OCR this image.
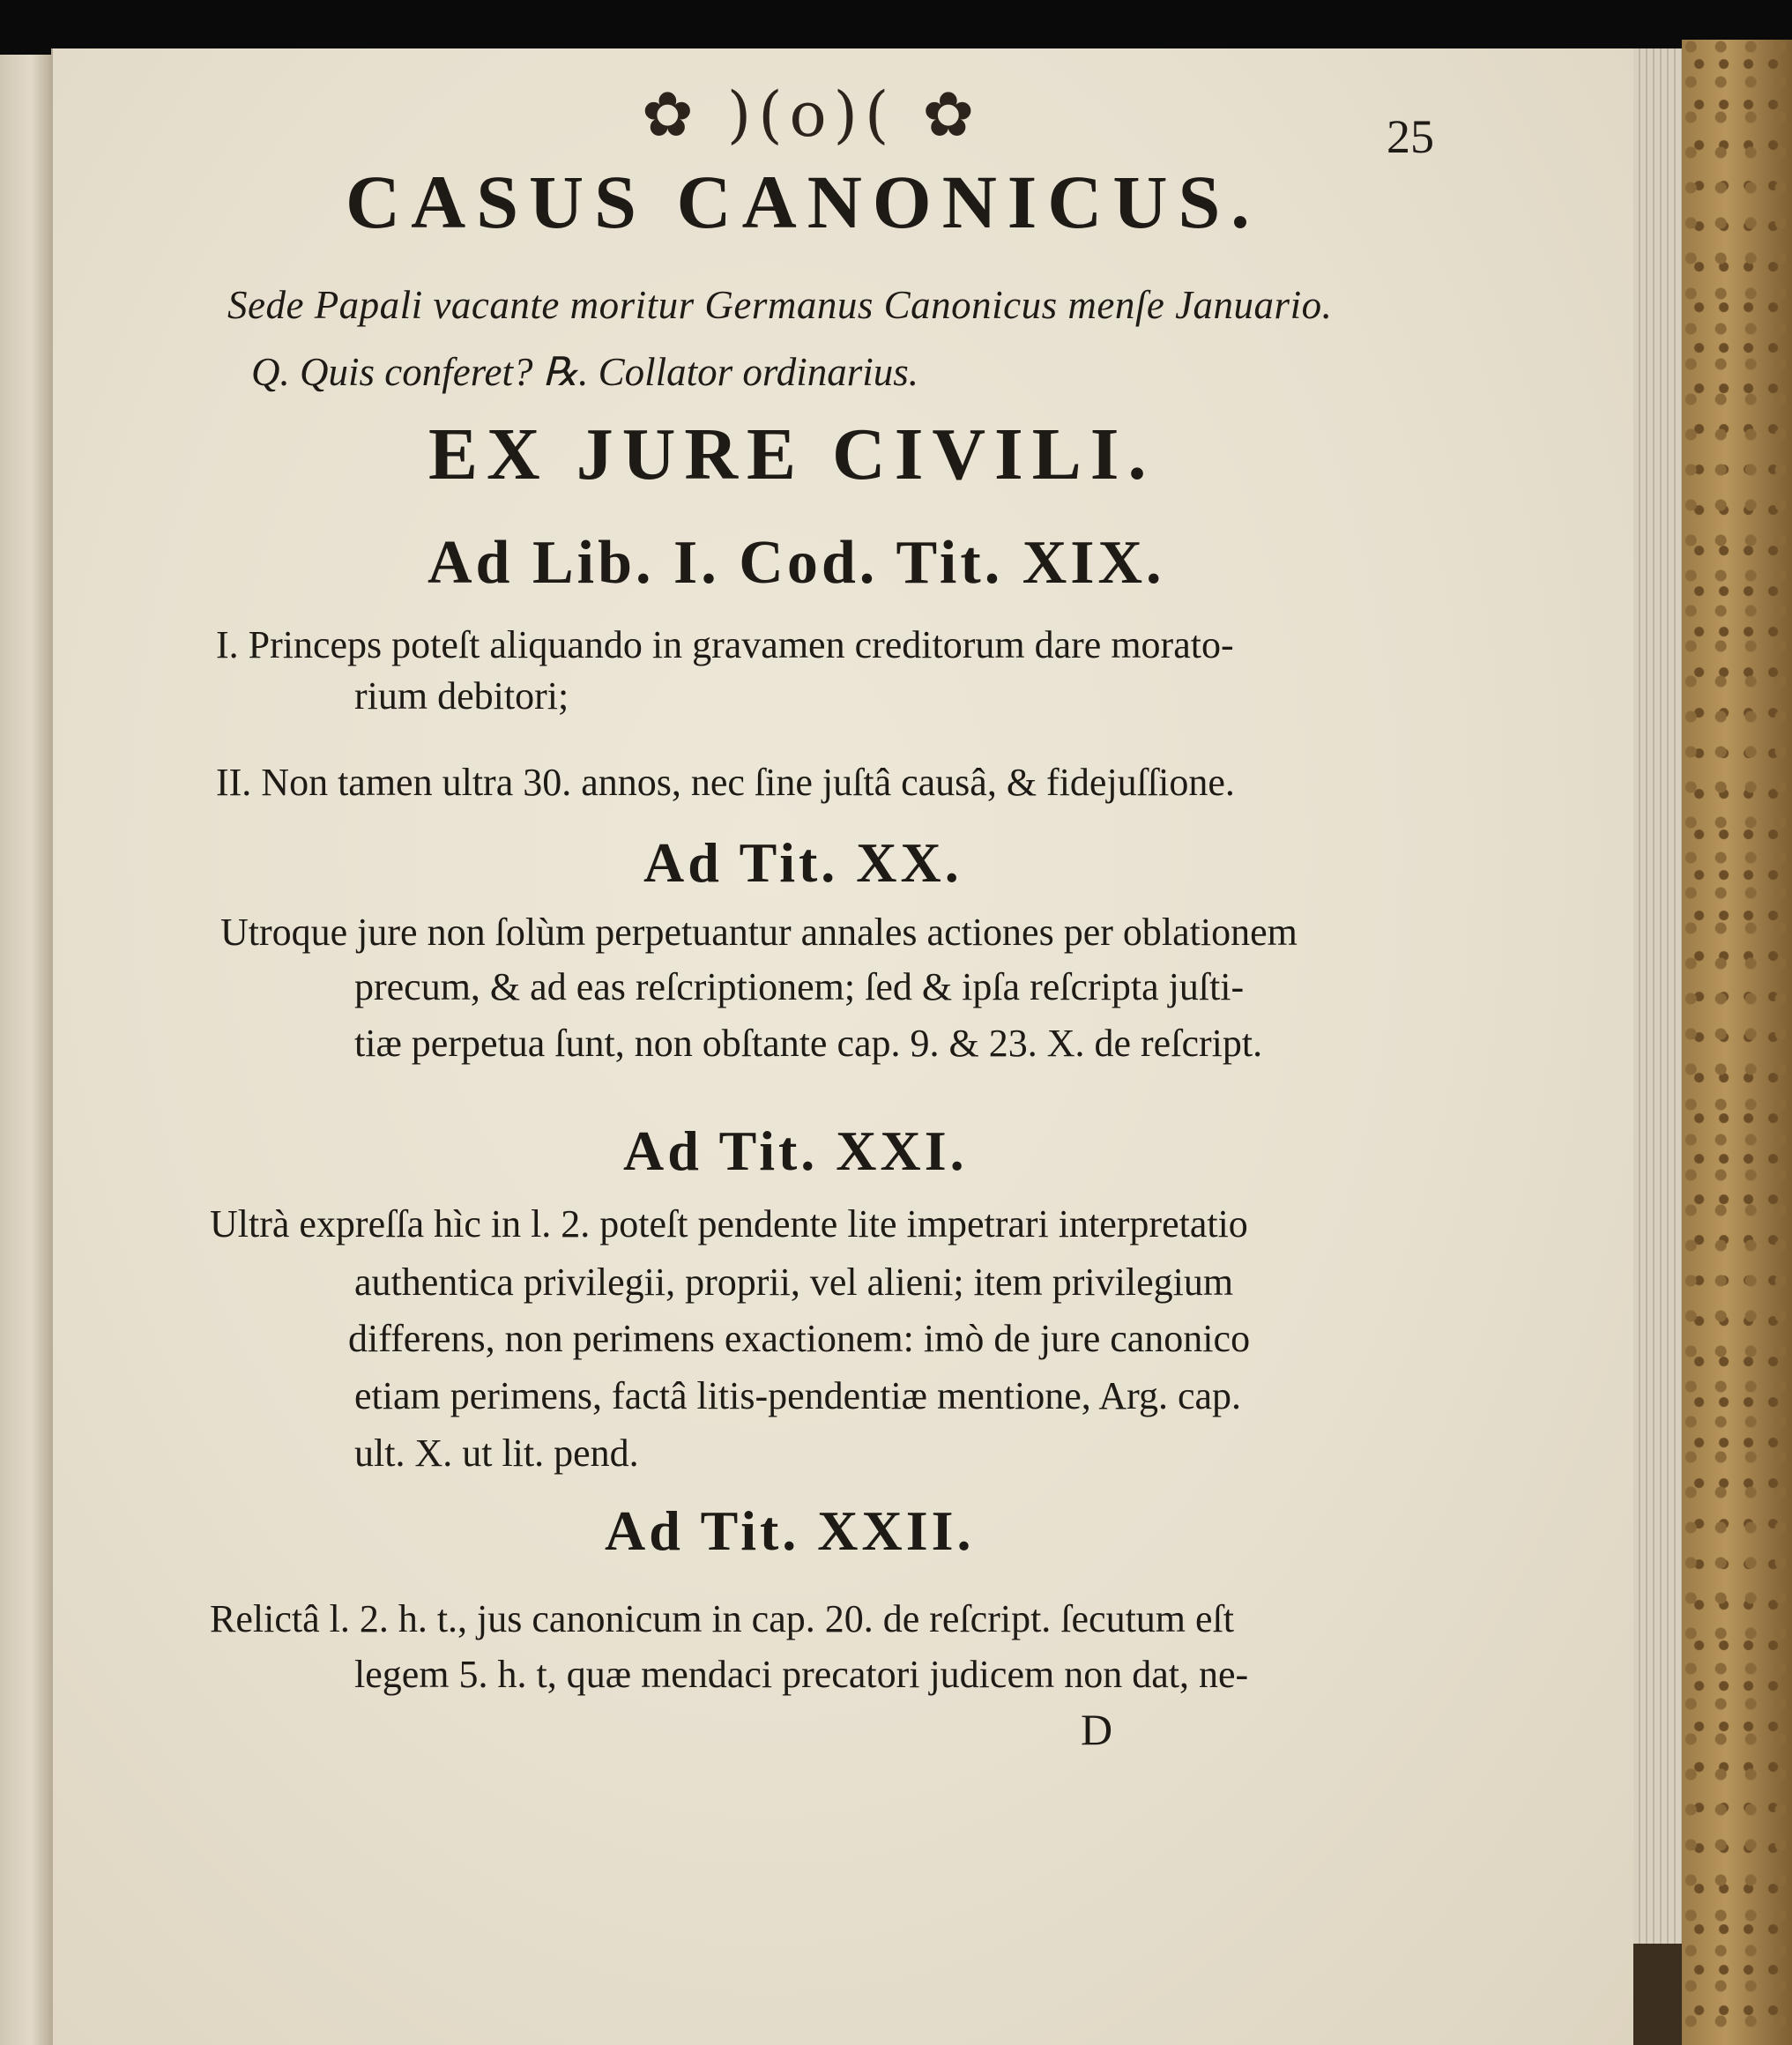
✿ )(o)( ✿	25

CASUS CANONICUS.

Sede Papali vacante moritur Germanus Canonicus menſe Januario.

Q. Quis conferet? ℞. Collator ordinarius.

EX JURE CIVILI.
Ad Lib. I. Cod. Tit. XIX.

I. Princeps poteſt aliquando in gravamen creditorum dare morato-

rium debitori;

II. Non tamen ultra 30. annos, nec ſine juſtâ causâ, & fidejuſſione.

Ad Tit. XX.

Utroque jure non ſolùm perpetuantur annales actiones per oblationem

precum, & ad eas reſcriptionem; ſed & ipſa reſcripta juſti-

tiæ perpetua ſunt, non obſtante cap. 9. & 23. X. de reſcript.

Ad Tit. XXI.

Ultrà expreſſa hìc in l. 2. poteſt pendente lite impetrari interpretatio

authentica privilegii, proprii, vel alieni; item privilegium

differens, non perimens exactionem: imò de jure canonico

etiam perimens, factâ litis-pendentiæ mentione, Arg. cap.

ult. X. ut lit. pend.

Ad Tit. XXII.

Relictâ l. 2. h. t., jus canonicum in cap. 20. de reſcript. ſecutum eſt

legem 5. h. t, quæ mendaci precatori judicem non dat, ne-

D
